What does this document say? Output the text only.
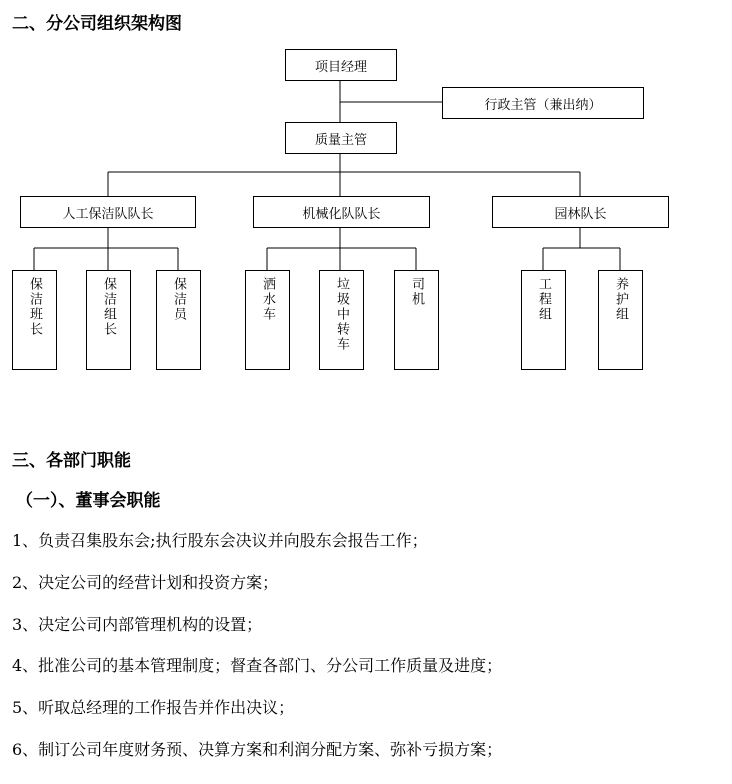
二、分公司组织架构图
项目经理
行政主管（兼出纳）
质量主管
人工保洁队队长	机械化队队长	园林队长
保洁班长	保洁组长	保洁员	洒水车	垃圾中转车	司机	工程组	养护组
三、各部门职能
（一）、董事会职能
1、负责召集股东会;执行股东会决议并向股东会报告工作；
2、决定公司的经营计划和投资方案；
3、决定公司内部管理机构的设置；
4、批准公司的基本管理制度；督查各部门、分公司工作质量及进度；
5、听取总经理的工作报告并作出决议；
6、制订公司年度财务预、决算方案和利润分配方案、弥补亏损方案；
